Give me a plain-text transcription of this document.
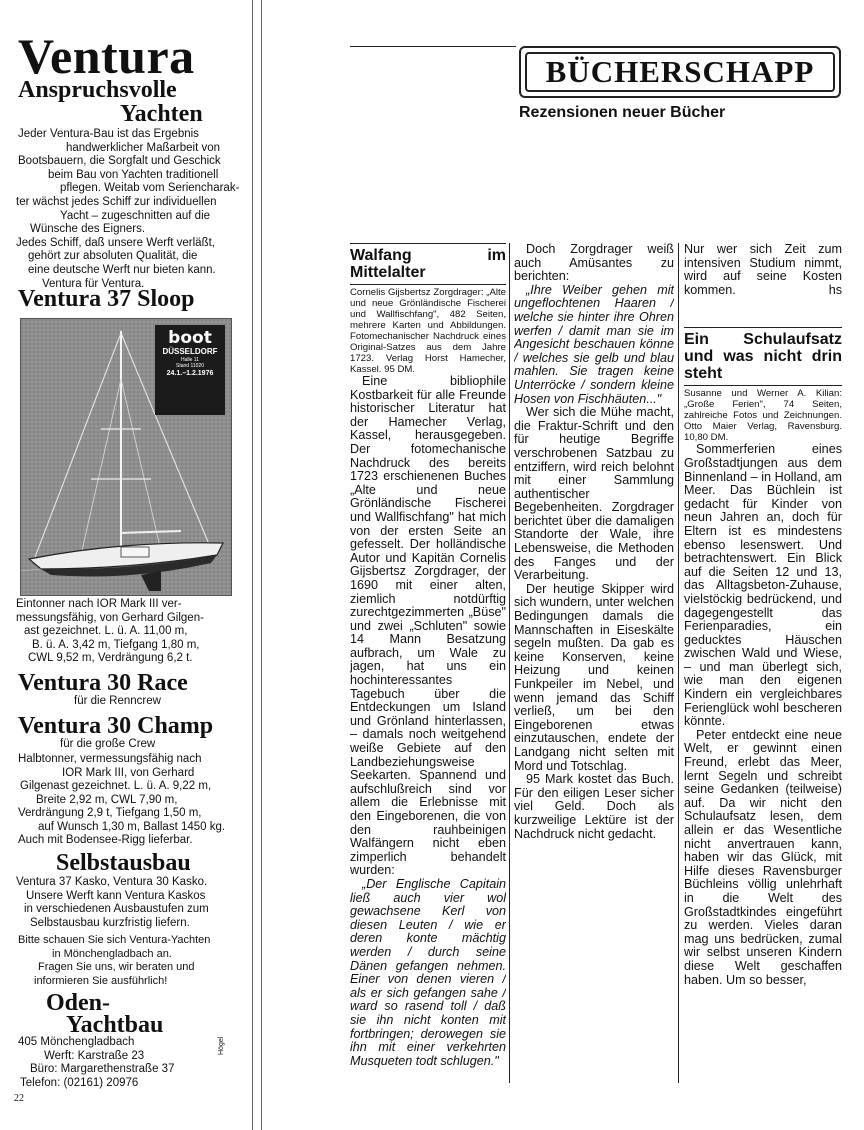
Ventura
Anspruchsvolle
Yachten
Jeder Ventura-Bau ist das Ergebnis
handwerklicher Maßarbeit von
Bootsbauern, die Sorgfalt und Geschick
beim Bau von Yachten traditionell
pflegen. Weitab vom Seriencharak-
ter wächst jedes Schiff zur individuellen
Yacht – zugeschnitten auf die
Wünsche des Eigners.
Jedes Schiff, daß unsere Werft verläßt,
gehört zur absoluten Qualität, die
eine deutsche Werft nur bieten kann.
Ventura für Ventura.
Ventura 37 Sloop
boot
DÜSSELDORF
Halle 11
Stand 11020
24.1.–1.2.1976
Eintonner nach IOR Mark III ver-
messungsfähig, von Gerhard Gilgen-
ast gezeichnet. L. ü. A. 11,00 m,
B. ü. A. 3,42 m, Tiefgang 1,80 m,
CWL 9,52 m, Verdrängung 6,2 t.
Ventura 30 Race
für die Renncrew
Ventura 30 Champ
für die große Crew
Halbtonner, vermessungsfähig nach
IOR Mark III, von Gerhard
Gilgenast gezeichnet. L. ü. A. 9,22 m,
Breite 2,92 m, CWL 7,90 m,
Verdrängung 2,9 t, Tiefgang 1,50 m,
auf Wunsch 1,30 m, Ballast 1450 kg.
Auch mit Bodensee-Rigg lieferbar.
Selbstausbau
Ventura 37 Kasko, Ventura 30 Kasko.
Unsere Werft kann Ventura Kaskos
in verschiedenen Ausbaustufen zum
Selbstausbau kurzfristig liefern.
Bitte schauen Sie sich Ventura-Yachten
in Mönchengladbach an.
Fragen Sie uns, wir beraten und
informieren Sie ausführlich!
Oden-
Yachtbau
405 Mönchengladbach
Werft: Karstraße 23
Büro: Margarethenstraße 37
Telefon: (02161) 20976
Högel
22
BÜCHERSCHAPP
Rezensionen neuer Bücher
Walfang im Mittelalter

Cornelis Gijsbertsz Zorgdrager: „Alte und neue Grönländische Fischerei und Wallfischfang", 482 Seiten, mehrere Karten und Abbildungen. Fotomechanischer Nachdruck eines Original-Satzes aus dem Jahre 1723. Verlag Horst Hamecher, Kassel. 95 DM.

Eine bibliophile Kostbarkeit für alle Freunde historischer Literatur hat der Hamecher Verlag, Kassel, herausgegeben. Der fotomechanische Nachdruck des bereits 1723 erschienenen Buches „Alte und neue Grönländische Fischerei und Wallfischfang" hat mich von der ersten Seite an gefesselt. Der holländische Autor und Kapitän Cornelis Gijsbertsz Zorgdrager, der 1690 mit einer alten, ziemlich notdürftig zurechtgezimmerten „Büse" und zwei „Schluten" sowie 14 Mann Besatzung aufbrach, um Wale zu jagen, hat uns ein hochinteressantes Tagebuch über die Entdeckungen um Island und Grönland hinterlassen, – damals noch weitgehend weiße Gebiete auf den Landbeziehungsweise Seekarten. Spannend und aufschlußreich sind vor allem die Erlebnisse mit den Eingeborenen, die von den rauhbeinigen Walfängern nicht eben zimperlich behandelt wurden:

„Der Englische Capitain ließ auch vier wol gewachsene Kerl von diesen Leuten / wie er deren konte mächtig werden / durch seine Dänen gefangen nehmen. Einer von denen vieren / als er sich gefangen sahe / ward so rasend toll / daß sie ihn nicht konten mit fortbringen; derowegen sie ihn mit einer verkehrten Musqueten todt schlugen."

Doch Zorgdrager weiß auch Amüsantes zu berichten:

„Ihre Weiber gehen mit ungeflochtenen Haaren / welche sie hinter ihre Ohren werfen / damit man sie im Angesicht beschauen könne / welches sie gelb und blau mahlen. Sie tragen keine Unterröcke / sondern kleine Hosen von Fischhäuten..."

Wer sich die Mühe macht, die Fraktur-Schrift und den für heutige Begriffe verschrobenen Satzbau zu entziffern, wird reich belohnt mit einer Sammlung authentischer Begebenheiten. Zorgdrager berichtet über die damaligen Standorte der Wale, ihre Lebensweise, die Methoden des Fanges und der Verarbeitung.

Der heutige Skipper wird sich wundern, unter welchen Bedingungen damals die Mannschaften in Eiseskälte segeln mußten. Da gab es keine Konserven, keine Heizung und keinen Funkpeiler im Nebel, und wenn jemand das Schiff verließ, um bei den Eingeborenen etwas einzutauschen, endete der Landgang nicht selten mit Mord und Totschlag.

95 Mark kostet das Buch. Für den eiligen Leser sicher viel Geld. Doch als kurzweilige Lektüre ist der Nachdruck nicht gedacht.

Nur wer sich Zeit zum intensiven Studium nimmt, wird auf seine Kosten kommen.	hs

Ein Schulaufsatz und was nicht drin steht

Susanne und Werner A. Kilian: „Große Ferien", 74 Seiten, zahlreiche Fotos und Zeichnungen. Otto Maier Verlag, Ravensburg. 10,80 DM.

Sommerferien eines Großstadtjungen aus dem Binnenland – in Holland, am Meer. Das Büchlein ist gedacht für Kinder von neun Jahren an, doch für Eltern ist es mindestens ebenso lesenswert. Und betrachtenswert. Ein Blick auf die Seiten 12 und 13, das Alltagsbeton-Zuhause, vielstöckig bedrückend, und dagegengestellt das Ferienparadies, ein geducktes Häuschen zwischen Wald und Wiese, – und man überlegt sich, wie man den eigenen Kindern ein vergleichbares Ferienglück wohl bescheren könnte.

Peter entdeckt eine neue Welt, er gewinnt einen Freund, erlebt das Meer, lernt Segeln und schreibt seine Gedanken (teilweise) auf. Da wir nicht den Schulaufsatz lesen, dem allein er das Wesentliche nicht anvertrauen kann, haben wir das Glück, mit Hilfe dieses Ravensburger Büchleins völlig unlehrhaft in die Welt des Großstadtkindes eingeführt zu werden. Vieles daran mag uns bedrücken, zumal wir selbst unseren Kindern diese Welt geschaffen haben. Um so besser,
